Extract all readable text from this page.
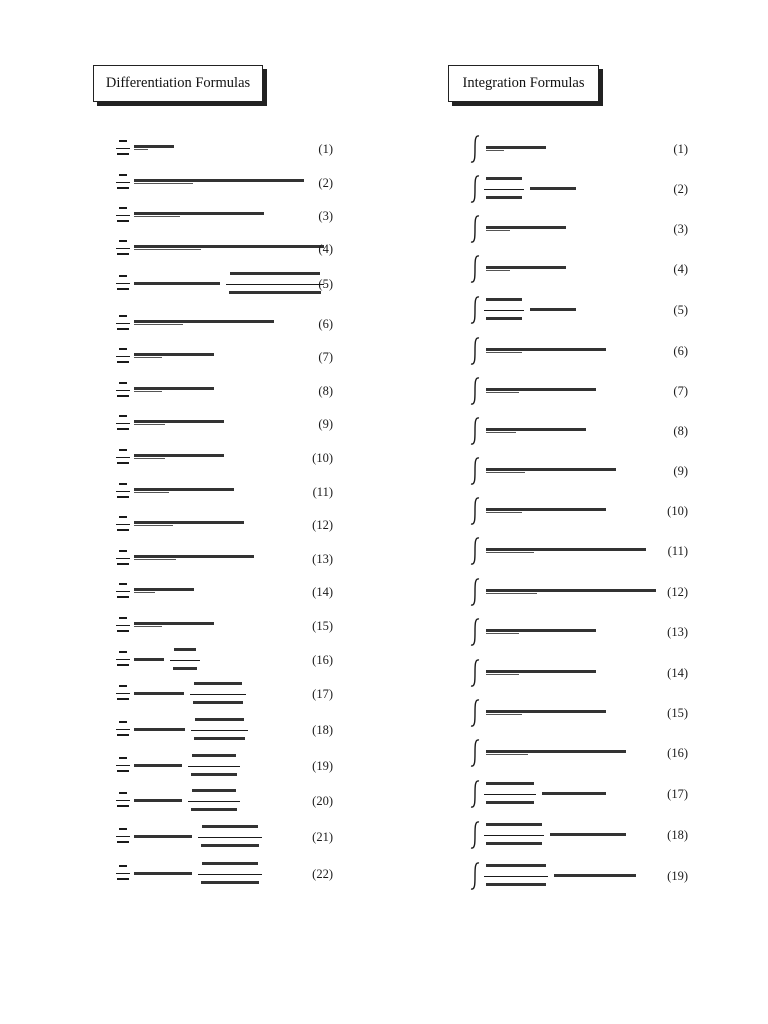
Differentiation Formulas	Integration Formulas
(1)
(2)
(3)
(4)
(5)
(6)
(7)
(8)
(9)
(10)
(11)
(12)
(13)
(14)
(15)
(16)
(17)
(18)
(19)
(20)
(21)
(22)
(1)
(2)
(3)
(4)
(5)
(6)
(7)
(8)
(9)
(10)
(11)
(12)
(13)
(14)
(15)
(16)
(17)
(18)
(19)
